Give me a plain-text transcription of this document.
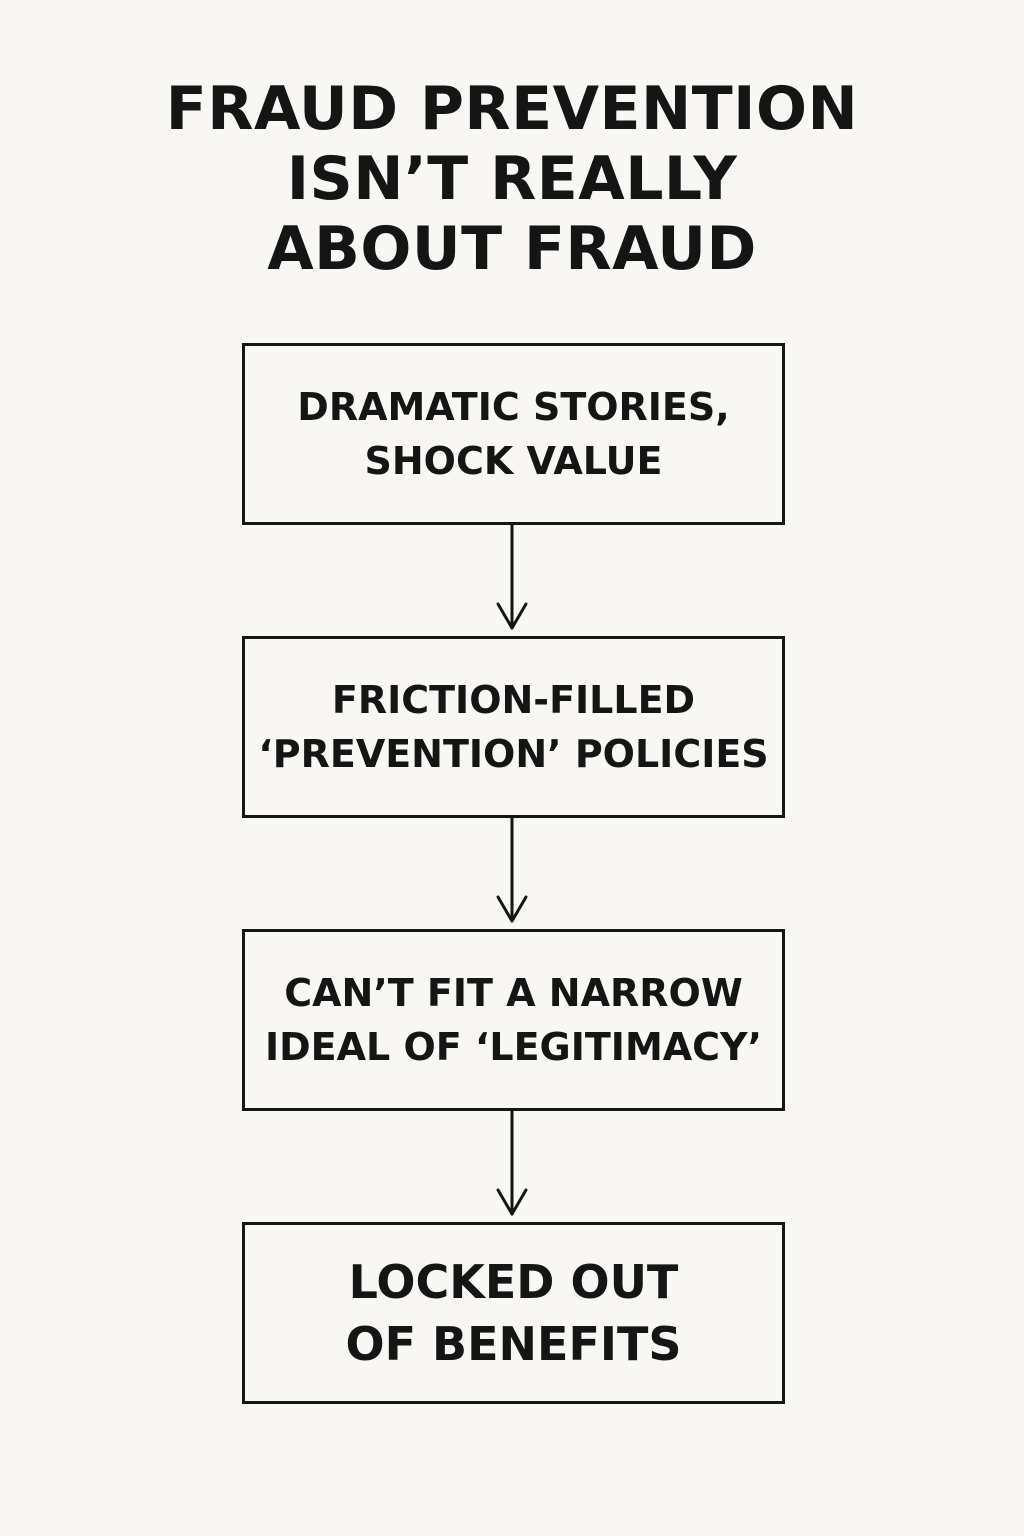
FRAUD PREVENTION
ISN’T REALLY
ABOUT FRAUD
DRAMATIC STORIES,
SHOCK VALUE
FRICTION-FILLED
‘PREVENTION’ POLICIES
CAN’T FIT A NARROW
IDEAL OF ‘LEGITIMACY’
LOCKED OUT
OF BENEFITS
